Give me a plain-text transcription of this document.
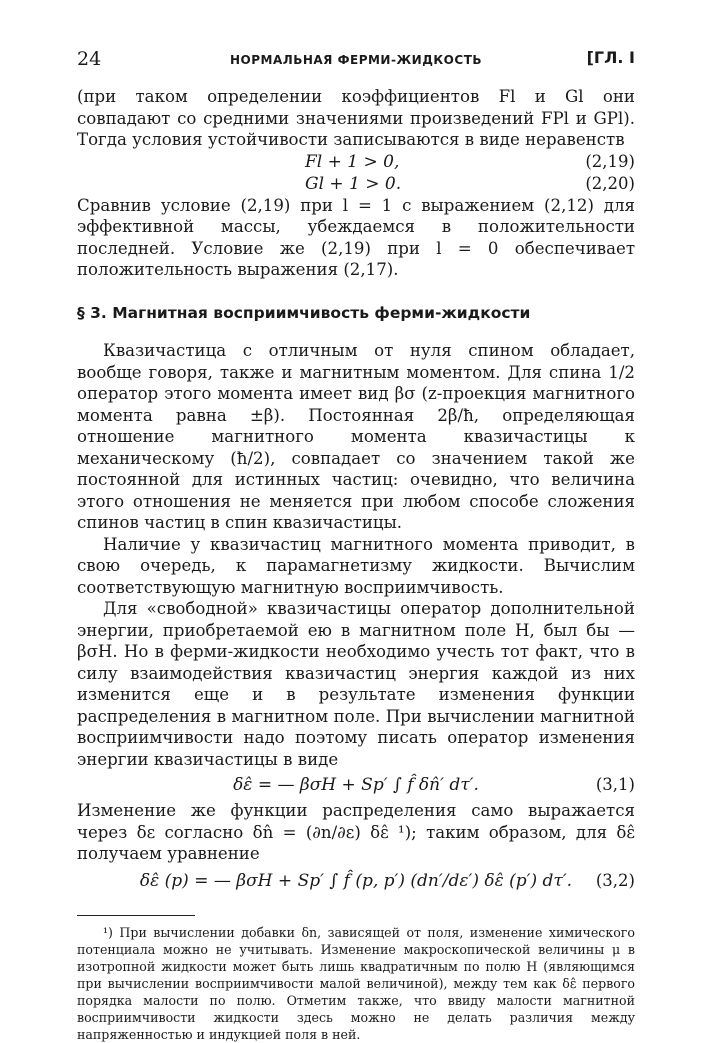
24	НОРМАЛЬНАЯ ФЕРМИ-ЖИДКОСТЬ	[ГЛ. I

(при таком определении коэффициентов Fl и Gl они совпадают со средними значениями произведений FPl и GPl). Тогда условия устойчивости записываются в виде неравенств

Fl + 1 > 0,	(2,19)
Gl + 1 > 0.	(2,20)

Сравнив условие (2,19) при l = 1 с выражением (2,12) для эффективной массы, убеждаемся в положительности последней. Условие же (2,19) при l = 0 обеспечивает положительность выражения (2,17).

§ 3. Магнитная восприимчивость ферми-жидкости

Квазичастица с отличным от нуля спином обладает, вообще говоря, также и магнитным моментом. Для спина 1/2 оператор этого момента имеет вид βσ (z-проекция магнитного момента равна ±β). Постоянная 2β/ħ, определяющая отношение магнитного момента квазичастицы к механическому (ħ/2), совпадает со значением такой же постоянной для истинных частиц: очевидно, что величина этого отношения не меняется при любом способе сложения спинов частиц в спин квазичастицы.

Наличие у квазичастиц магнитного момента приводит, в свою очередь, к парамагнетизму жидкости. Вычислим соответствующую магнитную восприимчивость.

Для «свободной» квазичастицы оператор дополнительной энергии, приобретаемой ею в магнитном поле H, был бы —βσH. Но в ферми-жидкости необходимо учесть тот факт, что в силу взаимодействия квазичастиц энергия каждой из них изменится еще и в результате изменения функции распределения в магнитном поле. При вычислении магнитной восприимчивости надо поэтому писать оператор изменения энергии квазичастицы в виде

δε̂ = — βσH + Sp′ ∫ f̂ δn̂′ dτ′.	(3,1)

Изменение же функции распределения само выражается через δε согласно δn̂ = (∂n/∂ε) δε̂ ¹); таким образом, для δε̂ получаем уравнение

δε̂ (p) = — βσH + Sp′ ∫ f̂ (p, p′) (dn′/dε′) δε̂ (p′) dτ′.	(3,2)

¹) При вычислении добавки δn, зависящей от поля, изменение химического потенциала можно не учитывать. Изменение макроскопической величины μ в изотропной жидкости может быть лишь квадратичным по полю H (являющимся при вычислении восприимчивости малой величиной), между тем как δε̂ первого порядка малости по полю. Отметим также, что ввиду малости магнитной восприимчивости жидкости здесь можно не делать различия между напряженностью и индукцией поля в ней.
